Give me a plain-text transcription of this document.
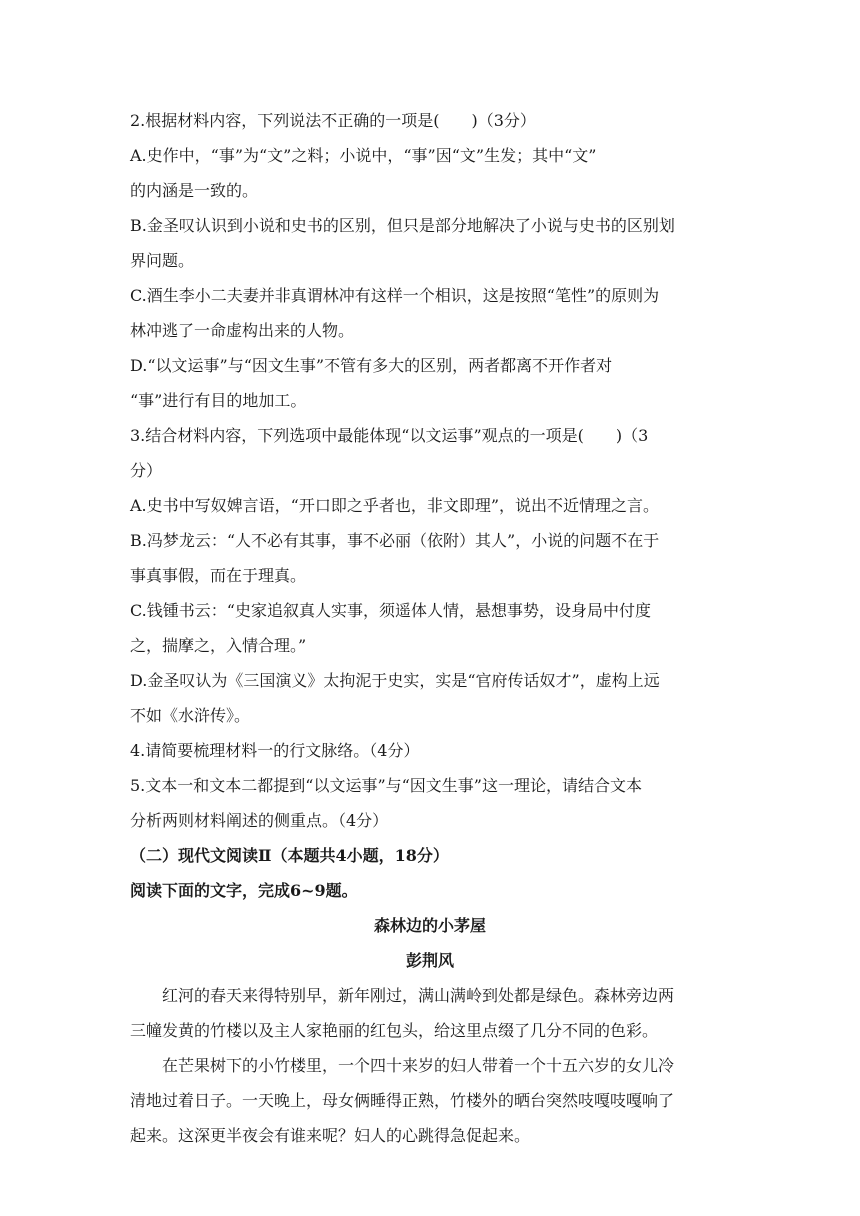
2.根据材料内容，下列说法不正确的一项是(　　)（3分）
A.史作中，“事”为“文”之料；小说中，“事”因“文”生发；其中“文”
的内涵是一致的。
B.金圣叹认识到小说和史书的区别，但只是部分地解决了小说与史书的区别划
界问题。
C.酒生李小二夫妻并非真谓林冲有这样一个相识，这是按照“笔性”的原则为
林冲逃了一命虚构出来的人物。
D.“以文运事”与“因文生事”不管有多大的区别，两者都离不开作者对
“事”进行有目的地加工。
3.结合材料内容，下列选项中最能体现“以文运事”观点的一项是(　　)（3
分）
A.史书中写奴婢言语，“开口即之乎者也，非文即理”，说出不近情理之言。
B.冯梦龙云：“人不必有其事，事不必丽（依附）其人”，小说的问题不在于
事真事假，而在于理真。
C.钱锺书云：“史家追叙真人实事，须遥体人情，悬想事势，设身局中付度
之，揣摩之，入情合理。”
D.金圣叹认为《三国演义》太拘泥于史实，实是“官府传话奴才”，虚构上远
不如《水浒传》。
4.请简要梳理材料一的行文脉络。（4分）
5.文本一和文本二都提到“以文运事”与“因文生事”这一理论，请结合文本
分析两则材料阐述的侧重点。（4分）
（二）现代文阅读Ⅱ（本题共4小题，18分）
阅读下面的文字，完成6~9题。
森林边的小茅屋
彭荆风
红河的春天来得特别早，新年刚过，满山满岭到处都是绿色。森林旁边两
三幢发黄的竹楼以及主人家艳丽的红包头，给这里点缀了几分不同的色彩。
在芒果树下的小竹楼里，一个四十来岁的妇人带着一个十五六岁的女儿冷
清地过着日子。一天晚上，母女俩睡得正熟，竹楼外的晒台突然吱嘎吱嘎响了
起来。这深更半夜会有谁来呢？妇人的心跳得急促起来。
